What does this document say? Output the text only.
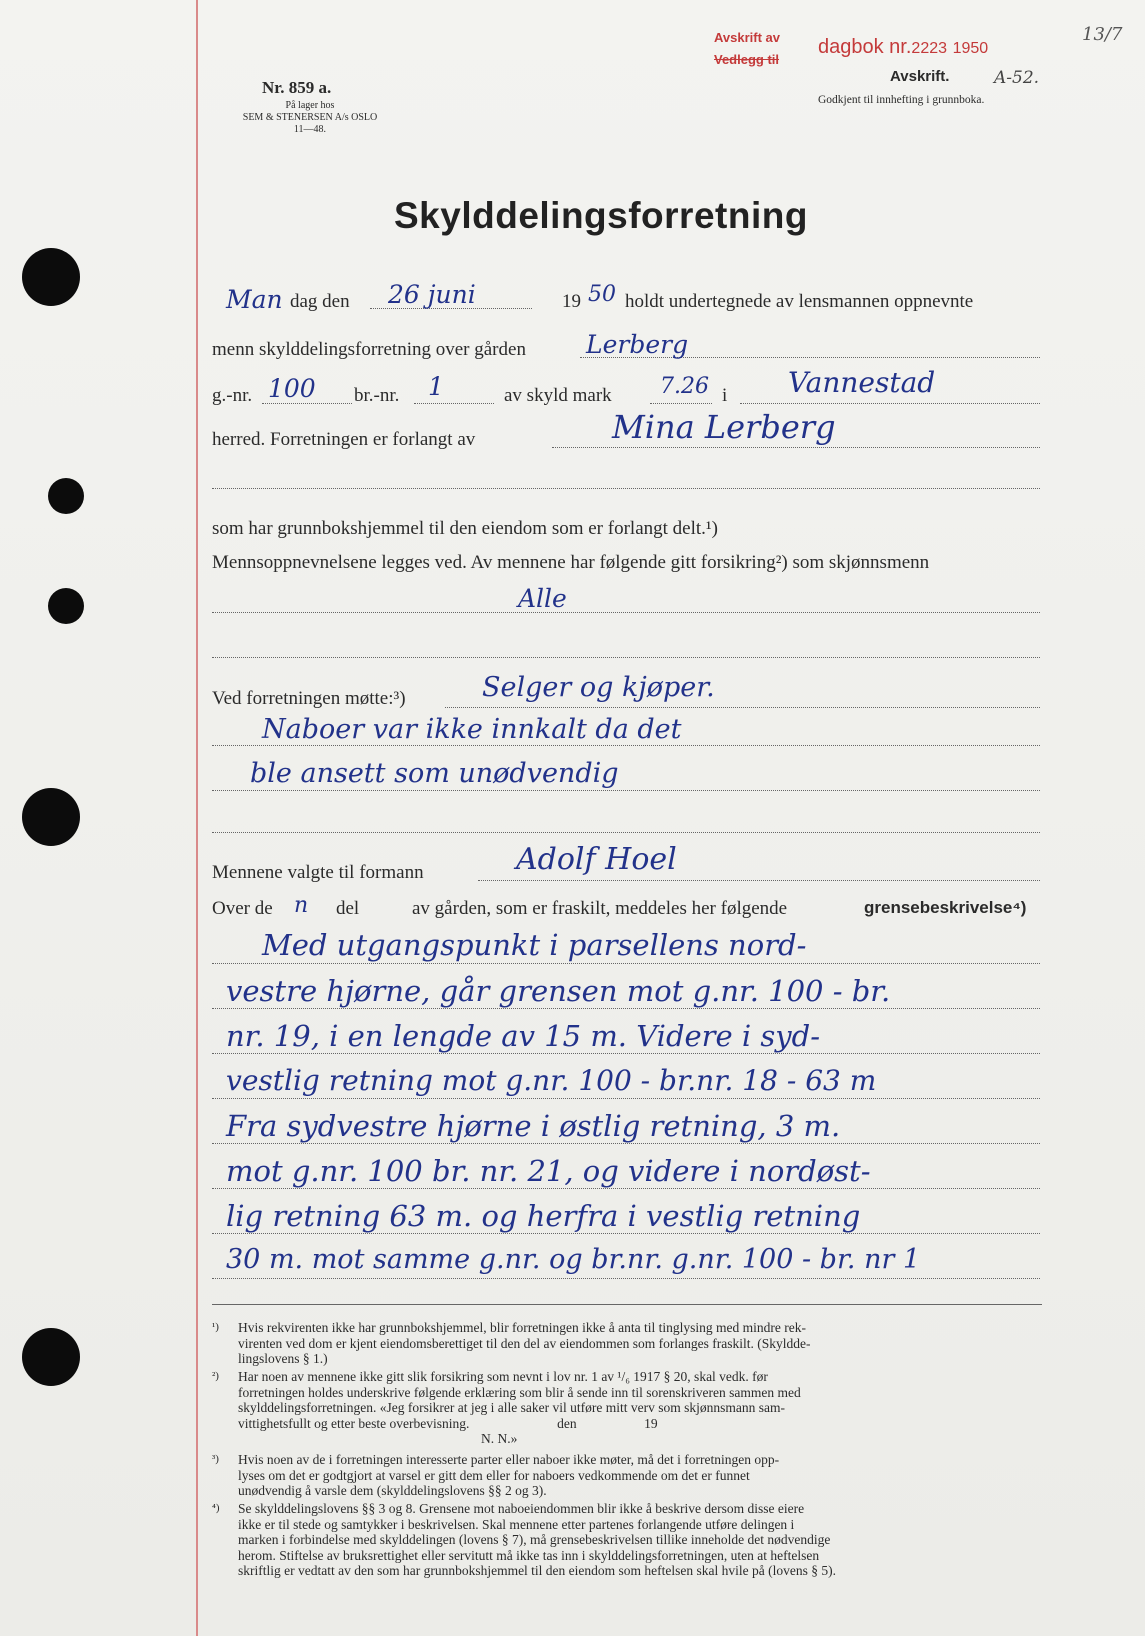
Nr. 859 a.
På lager hos
SEM & STENERSEN A/s OSLO
11—48.
Avskrift av
Vedlegg til
dagbok nr.2223 1950
13/7
Avskrift.	A-52.
Godkjent til innhefting i grunnboka.
Skylddelingsforretning
Man dag den 26 juni	19 50 holdt undertegnede av lensmannen oppnevnte
menn skylddelingsforretning over gården Lerberg
g.-nr. 100 br.-nr. 1	av skyld mark 7.26 i Vannestad
herred. Forretningen er forlangt av	Mina Lerberg
som har grunnbokshjemmel til den eiendom som er forlangt delt.¹)
Mennsoppnevnelsene legges ved. Av mennene har følgende gitt forsikring²) som skjønnsmenn
Alle
Ved forretningen møtte:³)	Selger og kjøper.
Naboer var ikke innkalt da det
ble ansett som unødvendig
Mennene valgte til formann	Adolf Hoel
Over de n del	av gården, som er fraskilt, meddeles her følgende	grensebeskrivelse⁴)
Med utgangspunkt i parsellens nord-
vestre hjørne, går grensen mot g.nr. 100 - br.
nr. 19, i en lengde av 15 m. Videre i syd-
vestlig retning mot g.nr. 100 - br.nr. 18 - 63 m
Fra sydvestre hjørne i østlig retning, 3 m.
mot g.nr. 100 br. nr. 21, og videre i nordøst-
lig retning 63 m. og herfra i vestlig retning
30 m. mot samme g.nr. og br.nr. g.nr. 100 - br. nr 1
¹) Hvis rekvirenten ikke har grunnbokshjemmel, blir forretningen ikke å anta til tinglysing med mindre rek-
virenten ved dom er kjent eiendomsberettiget til den del av eiendommen som forlanges fraskilt. (Skyldde-
lingslovens § 1.)
²) Har noen av mennene ikke gitt slik forsikring som nevnt i lov nr. 1 av ¹/₆ 1917 § 20, skal vedk. før
forretningen holdes underskrive følgende erklæring som blir å sende inn til sorenskriveren sammen med
skylddelingsforretningen. «Jeg forsikrer at jeg i alle saker vil utføre mitt verv som skjønnsmann sam-
vittighetsfullt og etter beste overbevisning.                          den                    19
N. N.»
³) Hvis noen av de i forretningen interesserte parter eller naboer ikke møter, må det i forretningen opp-
lyses om det er godtgjort at varsel er gitt dem eller for naboers vedkommende om det er funnet
unødvendig å varsle dem (skylddelingslovens §§ 2 og 3).
⁴) Se skylddelingslovens §§ 3 og 8. Grensene mot naboeiendommen blir ikke å beskrive dersom disse eiere
ikke er til stede og samtykker i beskrivelsen. Skal mennene etter partenes forlangende utføre delingen i
marken i forbindelse med skylddelingen (lovens § 7), må grensebeskrivelsen tillike inneholde det nødvendige
herom. Stiftelse av bruksrettighet eller servitutt må ikke tas inn i skylddelingsforretningen, uten at heftelsen
skriftlig er vedtatt av den som har grunnbokshjemmel til den eiendom som heftelsen skal hvile på (lovens § 5).
